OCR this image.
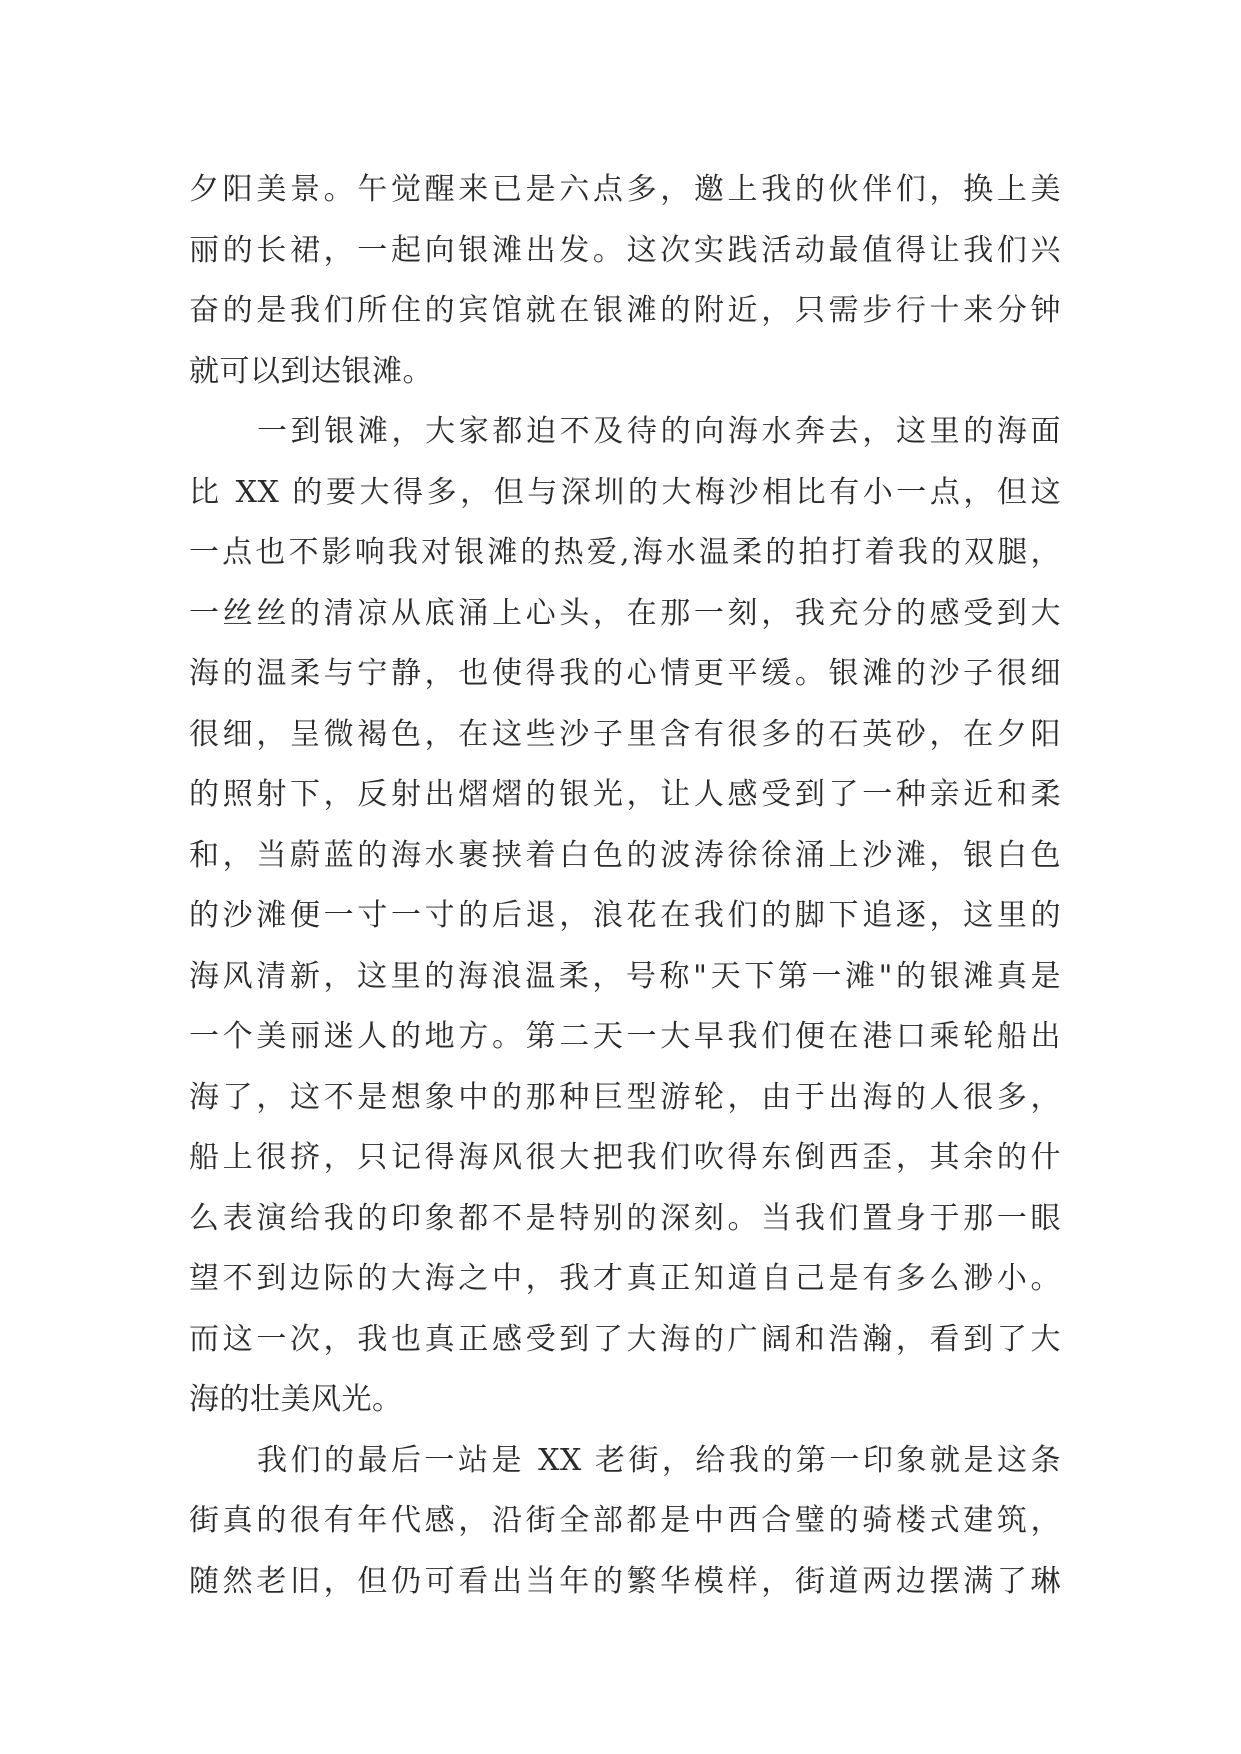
夕阳美景。午觉醒来已是六点多，邀上我的伙伴们，换上美
丽的长裙，一起向银滩出发。这次实践活动最值得让我们兴
奋的是我们所住的宾馆就在银滩的附近，只需步行十来分钟
就可以到达银滩。
一到银滩，大家都迫不及待的向海水奔去，这里的海面
比 XX 的要大得多，但与深圳的大梅沙相比有小一点，但这
一点也不影响我对银滩的热爱,海水温柔的拍打着我的双腿，
一丝丝的清凉从底涌上心头，在那一刻，我充分的感受到大
海的温柔与宁静，也使得我的心情更平缓。银滩的沙子很细
很细，呈微褐色，在这些沙子里含有很多的石英砂，在夕阳
的照射下，反射出熠熠的银光，让人感受到了一种亲近和柔
和，当蔚蓝的海水裹挟着白色的波涛徐徐涌上沙滩，银白色
的沙滩便一寸一寸的后退，浪花在我们的脚下追逐，这里的
海风清新，这里的海浪温柔，号称"天下第一滩"的银滩真是
一个美丽迷人的地方。第二天一大早我们便在港口乘轮船出
海了，这不是想象中的那种巨型游轮，由于出海的人很多，
船上很挤，只记得海风很大把我们吹得东倒西歪，其余的什
么表演给我的印象都不是特别的深刻。当我们置身于那一眼
望不到边际的大海之中，我才真正知道自己是有多么渺小。
而这一次，我也真正感受到了大海的广阔和浩瀚，看到了大
海的壮美风光。
我们的最后一站是 XX 老街，给我的第一印象就是这条
街真的很有年代感，沿街全部都是中西合璧的骑楼式建筑，
随然老旧，但仍可看出当年的繁华模样，街道两边摆满了琳
